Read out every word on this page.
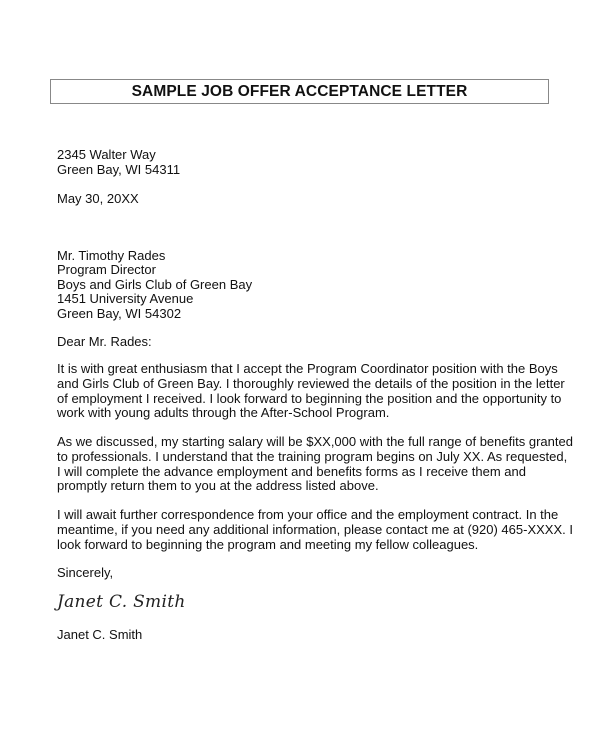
SAMPLE JOB OFFER ACCEPTANCE LETTER
2345 Walter Way
Green Bay, WI 54311
May 30, 20XX
Mr. Timothy Rades
Program Director
Boys and Girls Club of Green Bay
1451 University Avenue
Green Bay, WI 54302
Dear Mr. Rades:
It is with great enthusiasm that I accept the Program Coordinator position with the Boys
and Girls Club of Green Bay. I thoroughly reviewed the details of the position in the letter
of employment I received. I look forward to beginning the position and the opportunity to
work with young adults through the After-School Program.
As we discussed, my starting salary will be $XX,000 with the full range of benefits granted
to professionals. I understand that the training program begins on July XX. As requested,
I will complete the advance employment and benefits forms as I receive them and
promptly return them to you at the address listed above.
I will await further correspondence from your office and the employment contract. In the
meantime, if you need any additional information, please contact me at (920) 465-XXXX. I
look forward to beginning the program and meeting my fellow colleagues.
Sincerely,
Janet C. Smith
Janet C. Smith
